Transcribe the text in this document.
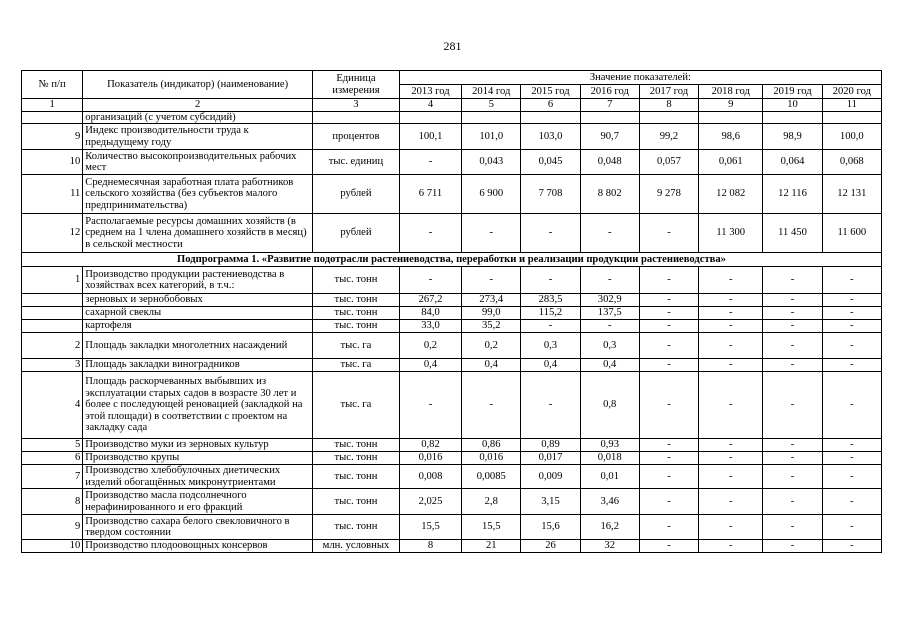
281
№ п/п	Показатель (индикатор) (наименование)	Единица измерения	Значение показателей:							
			2013 год	2014 год	2015 год	2016 год	2017 год	2018 год	2019 год	2020 год
1	2	3	4	5	6	7	8	9	10	11
	организаций (с учетом субсидий)									
9	Индекс производительности труда к предыдущему году	процентов	100,1	101,0	103,0	90,7	99,2	98,6	98,9	100,0
10	Количество высокопроизводительных рабочих мест	тыс. единиц	-	0,043	0,045	0,048	0,057	0,061	0,064	0,068
11	Среднемесячная заработная плата работников сельского хозяйства (без субъектов малого предпринимательства)	рублей	6 711	6 900	7 708	8 802	9 278	12 082	12 116	12 131
12	Располагаемые ресурсы домашних хозяйств (в среднем на 1 члена домашнего хозяйств в месяц) в сельской местности	рублей	-	-	-	-	-	11 300	11 450	11 600
Подпрограмма 1. «Развитие подотрасли растениеводства, переработки и реализации продукции растениеводства»										
1	Производство продукции растениеводства в хозяйствах всех категорий, в т.ч.:	тыс. тонн	-	-	-	-	-	-	-	-
	зерновых и зернобобовых	тыс. тонн	267,2	273,4	283,5	302,9	-	-	-	-
	сахарной свеклы	тыс. тонн	84,0	99,0	115,2	137,5	-	-	-	-
	картофеля	тыс. тонн	33,0	35,2	-	-	-	-	-	-
2	Площадь закладки многолетних насаждений	тыс. га	0,2	0,2	0,3	0,3	-	-	-	-
3	Площадь закладки виноградников	тыс. га	0,4	0,4	0,4	0,4	-	-	-	-
4	Площадь раскорчеванных выбывших из эксплуатации старых садов в возрасте 30 лет и более с последующей реновацией (закладкой на этой площади) в соответствии с проектом на закладку сада	тыс. га	-	-	-	0,8	-	-	-	-
5	Производство муки из зерновых культур	тыс. тонн	0,82	0,86	0,89	0,93	-	-	-	-
6	Производство крупы	тыс. тонн	0,016	0,016	0,017	0,018	-	-	-	-
7	Производство хлебобулочных диетических изделий обогащённых микронутриентами	тыс. тонн	0,008	0,0085	0,009	0,01	-	-	-	-
8	Производство масла подсолнечного нерафинированного и его фракций	тыс. тонн	2,025	2,8	3,15	3,46	-	-	-	-
9	Производство сахара белого свекловичного в твердом состоянии	тыс. тонн	15,5	15,5	15,6	16,2	-	-	-	-
10	Производство плодоовощных консервов	млн. условных	8	21	26	32	-	-	-	-
